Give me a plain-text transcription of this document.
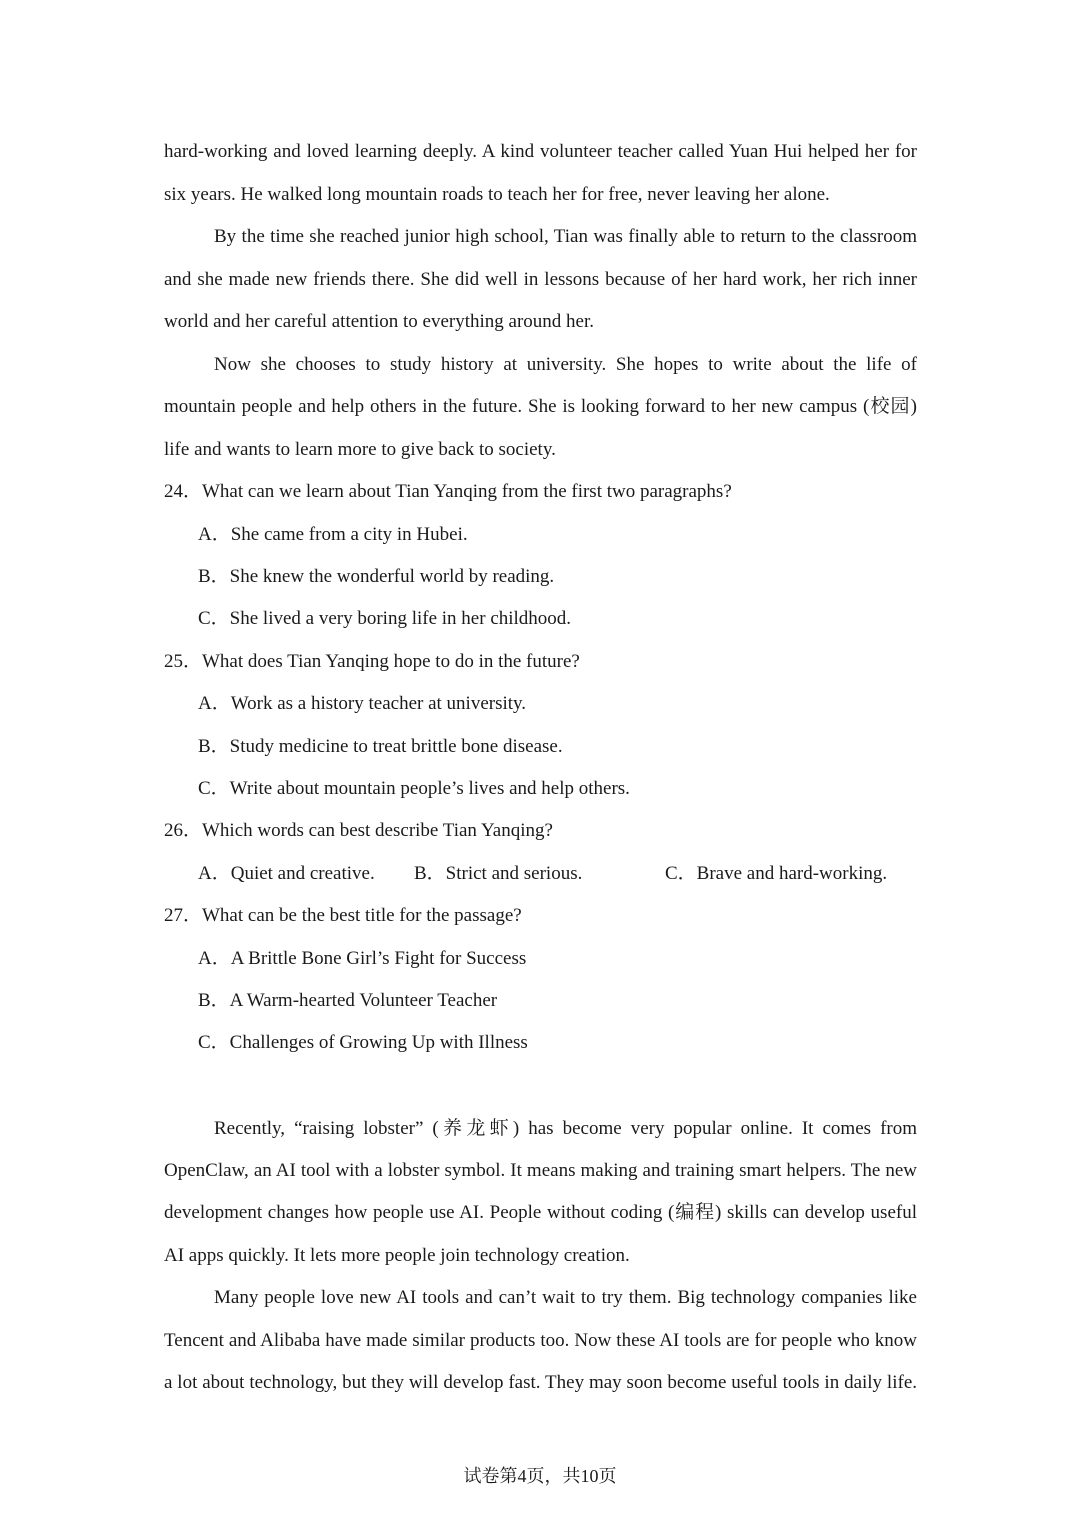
hard-working and loved learning deeply. A kind volunteer teacher called Yuan Hui helped her for

six years. He walked long mountain roads to teach her for free, never leaving her alone.

By the time she reached junior high school, Tian was finally able to return to the classroom

and she made new friends there. She did well in lessons because of her hard work, her rich inner

world and her careful attention to everything around her.

Now she chooses to study history at university. She hopes to write about the life of

mountain people and help others in the future. She is looking forward to her new campus (校园)

life and wants to learn more to give back to society.

24．What can we learn about Tian Yanqing from the first two paragraphs?

A．She came from a city in Hubei.

B．She knew the wonderful world by reading.

C．She lived a very boring life in her childhood.

25．What does Tian Yanqing hope to do in the future?

A．Work as a history teacher at university.

B．Study medicine to treat brittle bone disease.

C．Write about mountain people’s lives and help others.

26．Which words can best describe Tian Yanqing?

A．Quiet and creative. B．Strict and serious.	C．Brave and hard-working.

27．What can be the best title for the passage?

A．A Brittle Bone Girl’s Fight for Success

B．A Warm-hearted Volunteer Teacher

C．Challenges of Growing Up with Illness

Recently, “raising lobster” (养龙虾) has become very popular online. It comes from

OpenClaw, an AI tool with a lobster symbol. It means making and training smart helpers. The new

development changes how people use AI. People without coding (编程) skills can develop useful

AI apps quickly. It lets more people join technology creation.

Many people love new AI tools and can’t wait to try them. Big technology companies like

Tencent and Alibaba have made similar products too. Now these AI tools are for people who know

a lot about technology, but they will develop fast. They may soon become useful tools in daily life.

试卷第4页，共10页
